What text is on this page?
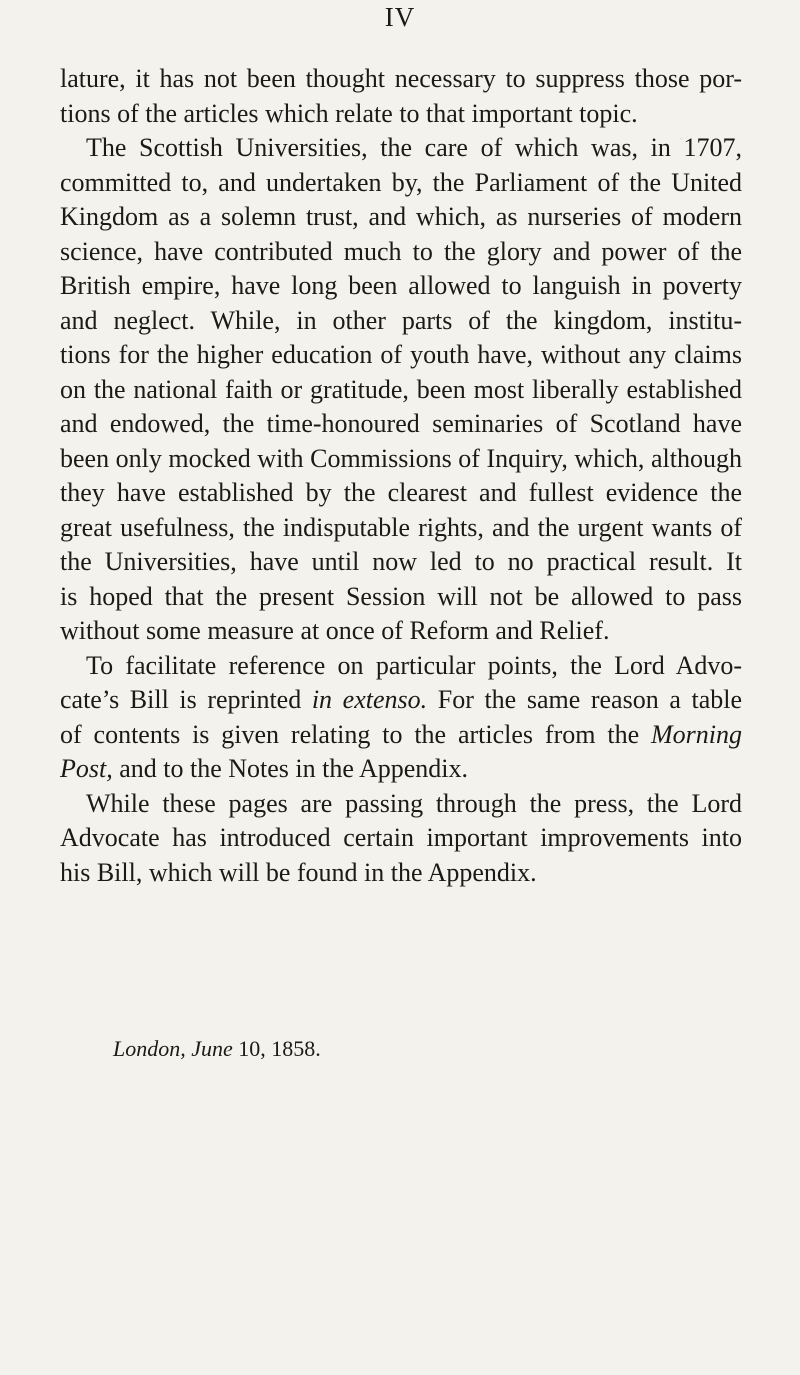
IV
lature, it has not been thought necessary to suppress those por-
tions of the articles which relate to that important topic.
The Scottish Universities, the care of which was, in 1707,
committed to, and undertaken by, the Parliament of the United
Kingdom as a solemn trust, and which, as nurseries of modern
science, have contributed much to the glory and power of the
British empire, have long been allowed to languish in poverty
and neglect. While, in other parts of the kingdom, institu-
tions for the higher education of youth have, without any claims
on the national faith or gratitude, been most liberally established
and endowed, the time-honoured seminaries of Scotland have
been only mocked with Commissions of Inquiry, which, although
they have established by the clearest and fullest evidence the
great usefulness, the indisputable rights, and the urgent wants of
the Universities, have until now led to no practical result. It
is hoped that the present Session will not be allowed to pass
without some measure at once of Reform and Relief.
To facilitate reference on particular points, the Lord Advo-
cate’s Bill is reprinted in extenso. For the same reason a table
of contents is given relating to the articles from the Morning
Post, and to the Notes in the Appendix.
While these pages are passing through the press, the Lord
Advocate has introduced certain important improvements into
his Bill, which will be found in the Appendix.
London, June 10, 1858.
